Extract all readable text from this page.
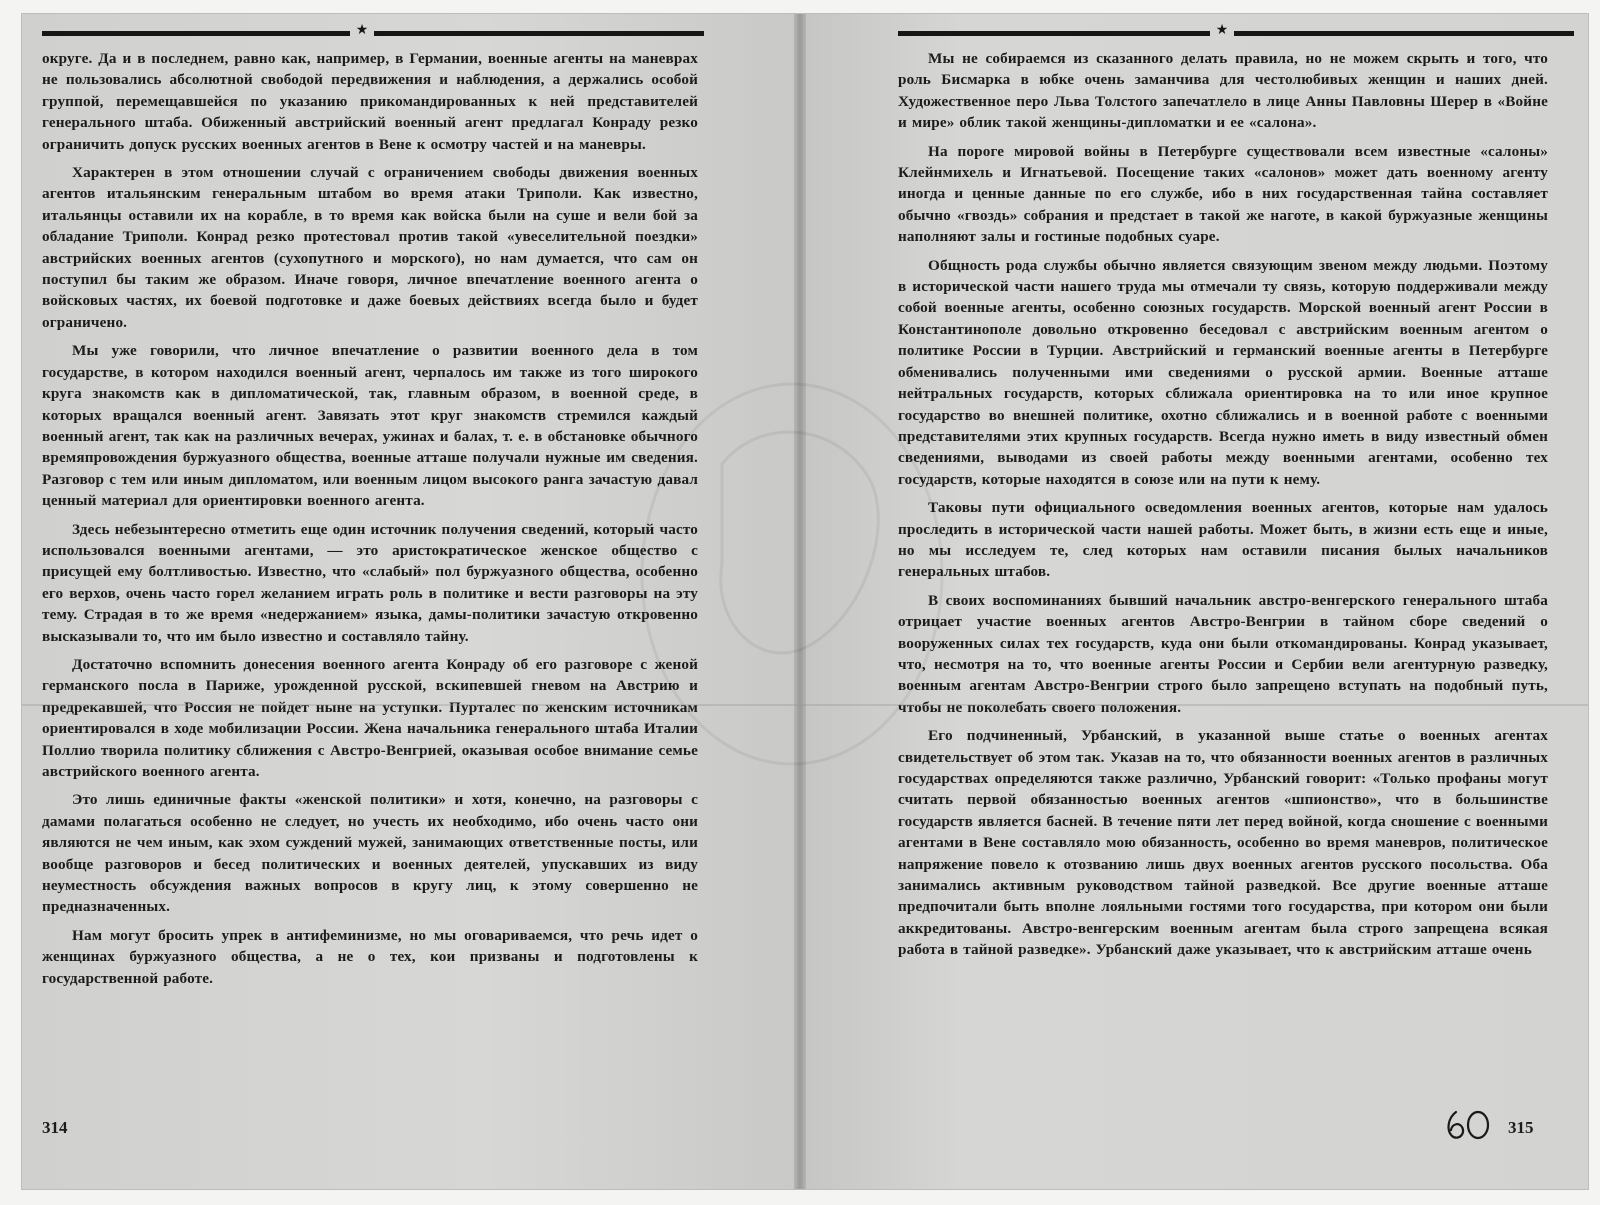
★

округе. Да и в последнем, равно как, например, в Германии, военные агенты на маневрах не пользовались абсолютной свободой передвижения и наблюдения, а держались особой группой, перемещавшейся по указанию прикомандированных к ней представителей генерального штаба. Обиженный австрийский военный агент предлагал Конраду резко ограничить допуск русских военных агентов в Вене к осмотру частей и на маневры.

Характерен в этом отношении случай с ограничением свободы движения военных агентов итальянским генеральным штабом во время атаки Триполи. Как известно, итальянцы оставили их на корабле, в то время как войска были на суше и вели бой за обладание Триполи. Конрад резко протестовал против такой «увеселительной поездки» австрийских военных агентов (сухопутного и морского), но нам думается, что сам он поступил бы таким же образом. Иначе говоря, личное впечатление военного агента о войсковых частях, их боевой подготовке и даже боевых действиях всегда было и будет ограничено.

Мы уже говорили, что личное впечатление о развитии военного дела в том государстве, в котором находился военный агент, черпалось им также из того широкого круга знакомств как в дипломатической, так, главным образом, в военной среде, в которых вращался военный агент. Завязать этот круг знакомств стремился каждый военный агент, так как на различных вечерах, ужинах и балах, т. е. в обстановке обычного времяпровождения буржуазного общества, военные атташе получали нужные им сведения. Разговор с тем или иным дипломатом, или военным лицом высокого ранга зачастую давал ценный материал для ориентировки военного агента.

Здесь небезынтересно отметить еще один источник получения сведений, который часто использовался военными агентами, — это аристократическое женское общество с присущей ему болтливостью. Известно, что «слабый» пол буржуазного общества, особенно его верхов, очень часто горел желанием играть роль в политике и вести разговоры на эту тему. Страдая в то же время «недержанием» языка, дамы-политики зачастую откровенно высказывали то, что им было известно и составляло тайну.

Достаточно вспомнить донесения военного агента Конраду об его разговоре с женой германского посла в Париже, урожденной русской, вскипевшей гневом на Австрию и предрекавшей, что Россия не пойдет ныне на уступки. Пурталес по женским источникам ориентировался в ходе мобилизации России. Жена начальника генерального штаба Италии Поллио творила политику сближения с Австро-Венгрией, оказывая особое внимание семье австрийского военного агента.

Это лишь единичные факты «женской политики» и хотя, конечно, на разговоры с дамами полагаться особенно не следует, но учесть их необходимо, ибо очень часто они являются не чем иным, как эхом суждений мужей, занимающих ответственные посты, или вообще разговоров и бесед политических и военных деятелей, упускавших из виду неуместность обсуждения важных вопросов в кругу лиц, к этому совершенно не предназначенных.

Нам могут бросить упрек в антифеминизме, но мы оговариваемся, что речь идет о женщинах буржуазного общества, а не о тех, кои призваны и подготовлены к государственной работе.

314
★

Мы не собираемся из сказанного делать правила, но не можем скрыть и того, что роль Бисмарка в юбке очень заманчива для честолюбивых женщин и наших дней. Художественное перо Льва Толстого запечатлело в лице Анны Павловны Шерер в «Войне и мире» облик такой женщины-дипломатки и ее «салона».

На пороге мировой войны в Петербурге существовали всем известные «салоны» Клейнмихель и Игнатьевой. Посещение таких «салонов» может дать военному агенту иногда и ценные данные по его службе, ибо в них государственная тайна составляет обычно «гвоздь» собрания и предстает в такой же наготе, в какой буржуазные женщины наполняют залы и гостиные подобных суаре.

Общность рода службы обычно является связующим звеном между людьми. Поэтому в исторической части нашего труда мы отмечали ту связь, которую поддерживали между собой военные агенты, особенно союзных государств. Морской военный агент России в Константинополе довольно откровенно беседовал с австрийским военным агентом о политике России в Турции. Австрийский и германский военные агенты в Петербурге обменивались полученными ими сведениями о русской армии. Военные атташе нейтральных государств, которых сближала ориентировка на то или иное крупное государство во внешней политике, охотно сближались и в военной работе с военными представителями этих крупных государств. Всегда нужно иметь в виду известный обмен сведениями, выводами из своей работы между военными агентами, особенно тех государств, которые находятся в союзе или на пути к нему.

Таковы пути официального осведомления военных агентов, которые нам удалось проследить в исторической части нашей работы. Может быть, в жизни есть еще и иные, но мы исследуем те, след которых нам оставили писания былых начальников генеральных штабов.

В своих воспоминаниях бывший начальник австро-венгерского генерального штаба отрицает участие военных агентов Австро-Венгрии в тайном сборе сведений о вооруженных силах тех государств, куда они были откомандированы. Конрад указывает, что, несмотря на то, что военные агенты России и Сербии вели агентурную разведку, военным агентам Австро-Венгрии строго было запрещено вступать на подобный путь, чтобы не поколебать своего положения.

Его подчиненный, Урбанский, в указанной выше статье о военных агентах свидетельствует об этом так. Указав на то, что обязанности военных агентов в различных государствах определяются также различно, Урбанский говорит: «Только профаны могут считать первой обязанностью военных агентов «шпионство», что в большинстве государств является басней. В течение пяти лет перед войной, когда сношение с военными агентами в Вене составляло мою обязанность, особенно во время маневров, политическое напряжение повело к отозванию лишь двух военных агентов русского посольства. Оба занимались активным руководством тайной разведкой. Все другие военные атташе предпочитали быть вполне лояльными гостями того государства, при котором они были аккредитованы. Австро-венгерским военным агентам была строго запрещена всякая работа в тайной разведке». Урбанский даже указывает, что к австрийским атташе очень

315
